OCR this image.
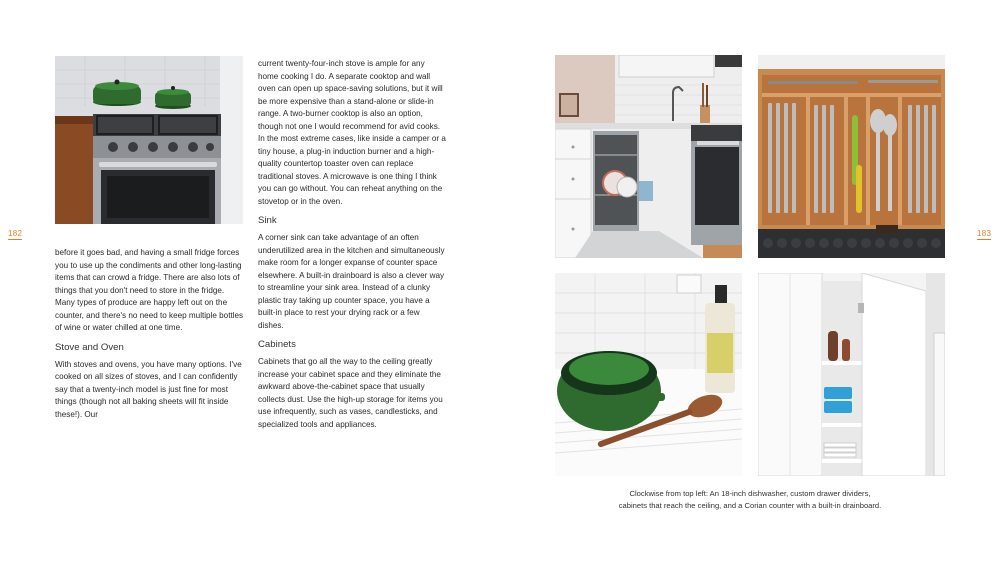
182

before it goes bad, and having a small fridge forces you to use up the condiments and other long-lasting items that can crowd a fridge. There are also lots of things that you don't need to store in the fridge. Many types of produce are happy left out on the counter, and there's no need to keep multiple bottles of wine or water chilled at one time.

Stove and Oven

With stoves and ovens, you have many options. I've cooked on all sizes of stoves, and I can confidently say that a twenty-inch model is just fine for most things (though not all baking sheets will fit inside these!). Our

current twenty-four-inch stove is ample for any home cooking I do. A separate cooktop and wall oven can open up space-saving solutions, but it will be more expensive than a stand-alone or slide-in range. A two-burner cooktop is also an option, though not one I would recommend for avid cooks. In the most extreme cases, like inside a camper or a tiny house, a plug-in induction burner and a high-quality countertop toaster oven can replace traditional stoves. A microwave is one thing I think you can go without. You can reheat anything on the stovetop or in the oven.

Sink

A corner sink can take advantage of an often underutilized area in the kitchen and simultaneously make room for a longer expanse of counter space elsewhere. A built-in drainboard is also a clever way to streamline your sink area. Instead of a clunky plastic tray taking up counter space, you have a built-in place to rest your drying rack or a few dishes.

Cabinets

Cabinets that go all the way to the ceiling greatly increase your cabinet space and they eliminate the awkward above-the-cabinet space that usually collects dust. Use the high-up storage for items you use infrequently, such as vases, candlesticks, and specialized tools and appliances.

183
Clockwise from top left: An 18-inch dishwasher, custom drawer dividers,
cabinets that reach the ceiling, and a Corian counter with a built-in drainboard.
